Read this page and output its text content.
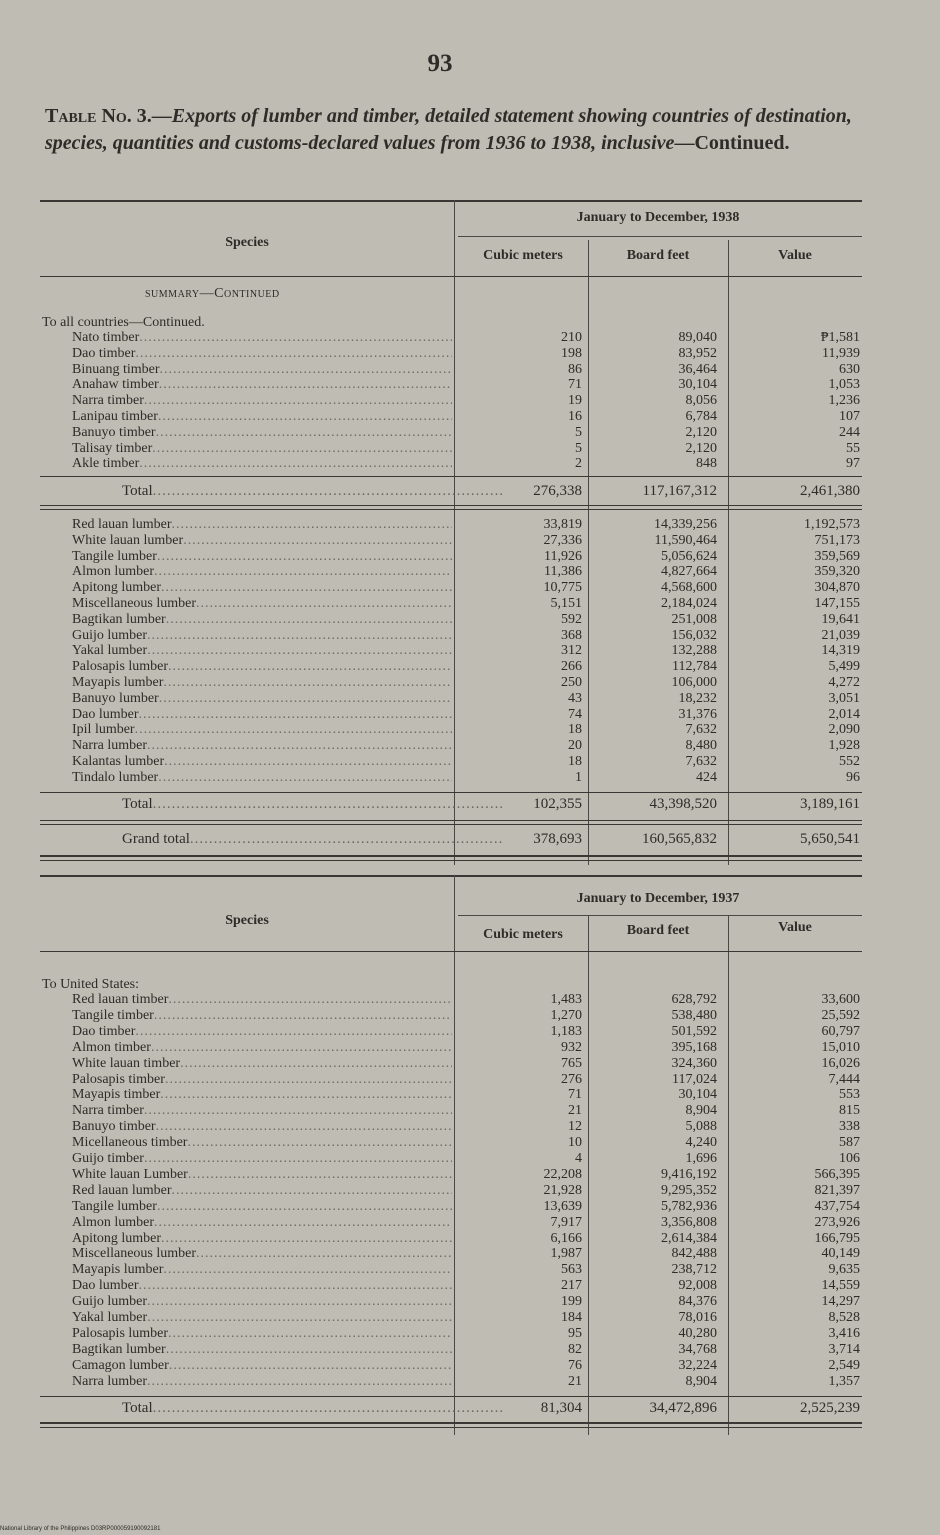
93
Table No. 3.—Exports of lumber and timber, detailed statement showing countries of destination, species, quantities and customs-declared values from 1936 to 1938, inclusive—Continued.
January to December, 1938
Species
Cubic meters	Board feet	Value
summary—Continued
To all countries—Continued.
Nato timber .....	210	89,040	₱1,581
Dao timber .....	198	83,952	11,939
Binuang timber .....	86	36,464	630
Anahaw timber .....	71	30,104	1,053
Narra timber .....	19	8,056	1,236
Lanipau timber .....	16	6,784	107
Banuyo timber .....	5	2,120	244
Talisay timber .....	5	2,120	55
Akle timber .....	2	848	97
Total .....	276,338	117,167,312	2,461,380
Red lauan lumber .....	33,819	14,339,256	1,192,573
White lauan lumber .....	27,336	11,590,464	751,173
Tangile lumber .....	11,926	5,056,624	359,569
Almon lumber .....	11,386	4,827,664	359,320
Apitong lumber .....	10,775	4,568,600	304,870
Miscellaneous lumber .....	5,151	2,184,024	147,155
Bagtikan lumber .....	592	251,008	19,641
Guijo lumber .....	368	156,032	21,039
Yakal lumber .....	312	132,288	14,319
Palosapis lumber .....	266	112,784	5,499
Mayapis lumber .....	250	106,000	4,272
Banuyo lumber .....	43	18,232	3,051
Dao lumber .....	74	31,376	2,014
Ipil lumber .....	18	7,632	2,090
Narra lumber .....	20	8,480	1,928
Kalantas lumber .....	18	7,632	552
Tindalo lumber .....	1	424	96
Total .....	102,355	43,398,520	3,189,161
Grand total .....	378,693	160,565,832	5,650,541
January to December, 1937
Species
Cubic meters	Board feet	Value
To United States:
Red lauan timber .....	1,483	628,792	33,600
Tangile timber .....	1,270	538,480	25,592
Dao timber .....	1,183	501,592	60,797
Almon timber .....	932	395,168	15,010
White lauan timber .....	765	324,360	16,026
Palosapis timber .....	276	117,024	7,444
Mayapis timber .....	71	30,104	553
Narra timber .....	21	8,904	815
Banuyo timber .....	12	5,088	338
Micellaneous timber .....	10	4,240	587
Guijo timber .....	4	1,696	106
White lauan Lumber .....	22,208	9,416,192	566,395
Red lauan lumber .....	21,928	9,295,352	821,397
Tangile lumber .....	13,639	5,782,936	437,754
Almon lumber .....	7,917	3,356,808	273,926
Apitong lumber .....	6,166	2,614,384	166,795
Miscellaneous lumber .....	1,987	842,488	40,149
Mayapis lumber .....	563	238,712	9,635
Dao lumber .....	217	92,008	14,559
Guijo lumber .....	199	84,376	14,297
Yakal lumber .....	184	78,016	8,528
Palosapis lumber .....	95	40,280	3,416
Bagtikan lumber .....	82	34,768	3,714
Camagon lumber .....	76	32,224	2,549
Narra lumber .....	21	8,904	1,357
Total .....	81,304	34,472,896	2,525,239
National Library of the Philippines D03RP000059190092181
